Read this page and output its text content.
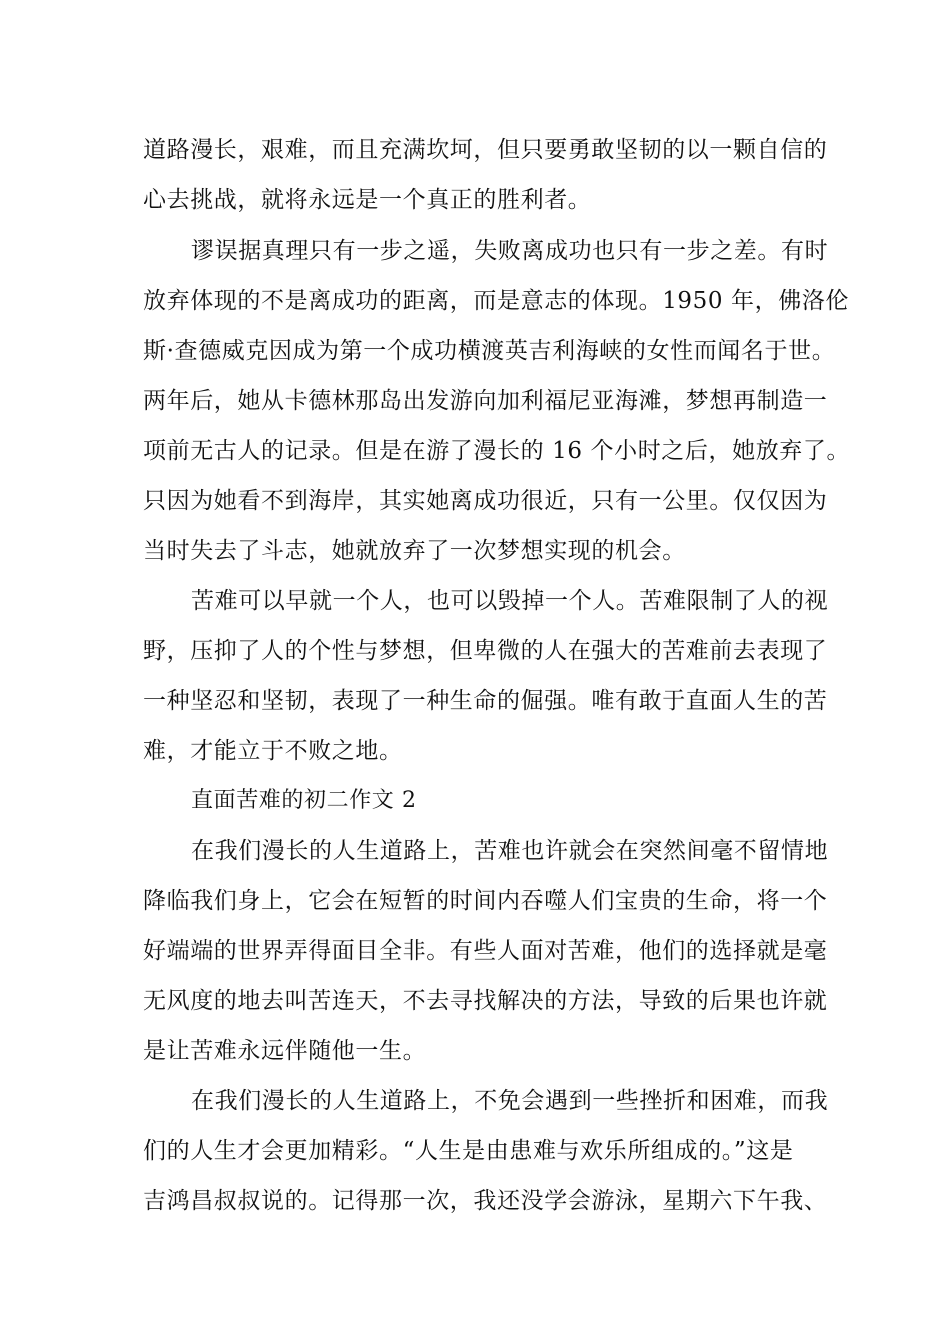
道路漫长，艰难，而且充满坎坷，但只要勇敢坚韧的以一颗自信的
心去挑战，就将永远是一个真正的胜利者。
谬误据真理只有一步之遥，失败离成功也只有一步之差。有时
放弃体现的不是离成功的距离，而是意志的体现。1950 年，佛洛伦
斯·查德威克因成为第一个成功横渡英吉利海峡的女性而闻名于世。
两年后，她从卡德林那岛出发游向加利福尼亚海滩，梦想再制造一
项前无古人的记录。但是在游了漫长的 16 个小时之后，她放弃了。
只因为她看不到海岸，其实她离成功很近，只有一公里。仅仅因为
当时失去了斗志，她就放弃了一次梦想实现的机会。
苦难可以早就一个人，也可以毁掉一个人。苦难限制了人的视
野，压抑了人的个性与梦想，但卑微的人在强大的苦难前去表现了
一种坚忍和坚韧，表现了一种生命的倔强。唯有敢于直面人生的苦
难，才能立于不败之地。
直面苦难的初二作文 2
在我们漫长的人生道路上，苦难也许就会在突然间毫不留情地
降临我们身上，它会在短暂的时间内吞噬人们宝贵的生命，将一个
好端端的世界弄得面目全非。有些人面对苦难，他们的选择就是毫
无风度的地去叫苦连天，不去寻找解决的方法，导致的后果也许就
是让苦难永远伴随他一生。
在我们漫长的人生道路上，不免会遇到一些挫折和困难，而我
们的人生才会更加精彩。“人生是由患难与欢乐所组成的。”这是
吉鸿昌叔叔说的。记得那一次，我还没学会游泳，星期六下午我、
